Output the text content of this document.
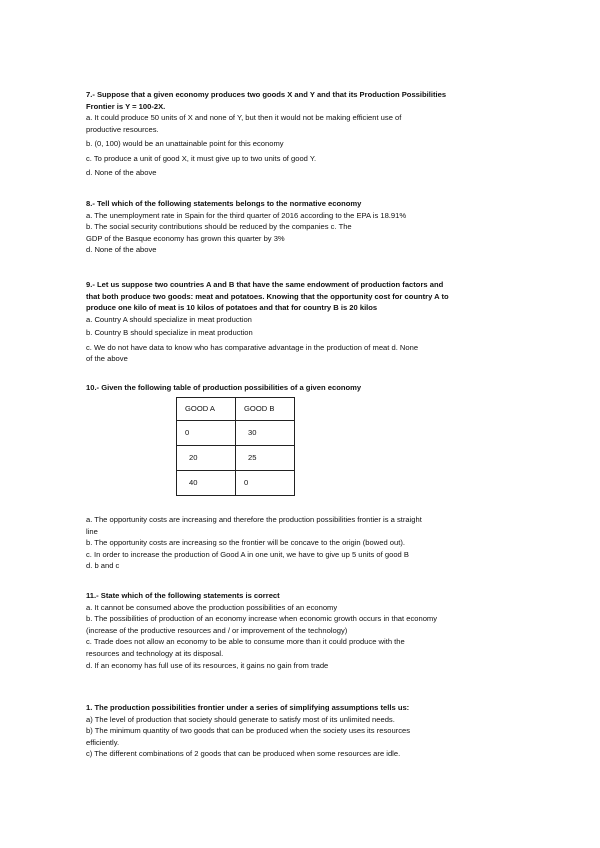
7.- Suppose that a given economy produces two goods X and Y and that its Production Possibilities

Frontier is Y = 100-2X.

a. It could produce 50 units of X and none of Y, but then it would not be making efficient use of

productive resources.

b. (0, 100) would be an unattainable point for this economy

c. To produce a unit of good X, it must give up to two units of good Y.

d. None of the above

8.- Tell which of the following statements belongs to the normative economy

a. The unemployment rate in Spain for the third quarter of 2016 according to the EPA is 18.91%

b. The social security contributions should be reduced by the companies c. The

GDP of the Basque economy has grown this quarter by 3%

d. None of the above

9.- Let us suppose two countries A and B that have the same endowment of production factors and

that both produce two goods: meat and potatoes. Knowing that the opportunity cost for country A to

produce one kilo of meat is 10 kilos of potatoes and that for country B is 20 kilos

a. Country A should specialize in meat production

b. Country B should specialize in meat production

c. We do not have data to know who has comparative advantage in the production of meat d. None

of the above

10.- Given the following table of production possibilities of a given economy

GOOD A	GOOD B
0	30
20	25
40	0

a. The opportunity costs are increasing and therefore the production possibilities frontier is a straight

line

b. The opportunity costs are increasing so the frontier will be concave to the origin (bowed out).

c. In order to increase the production of Good A in one unit, we have to give up 5 units of good B

d. b and c

11.- State which of the following statements is correct

a. It cannot be consumed above the production possibilities of an economy

b. The possibilities of production of an economy increase when economic growth occurs in that economy

(increase of the productive resources and / or improvement of the technology)

c. Trade does not allow an economy to be able to consume more than it could produce with the

resources and technology at its disposal.

d. If an economy has full use of its resources, it gains no gain from trade

1. The production possibilities frontier under a series of simplifying assumptions tells us:

a) The level of production that society should generate to satisfy most of its unlimited needs.

b) The minimum quantity of two goods that can be produced when the society uses its resources

efficiently.

c) The different combinations of 2 goods that can be produced when some resources are idle.
